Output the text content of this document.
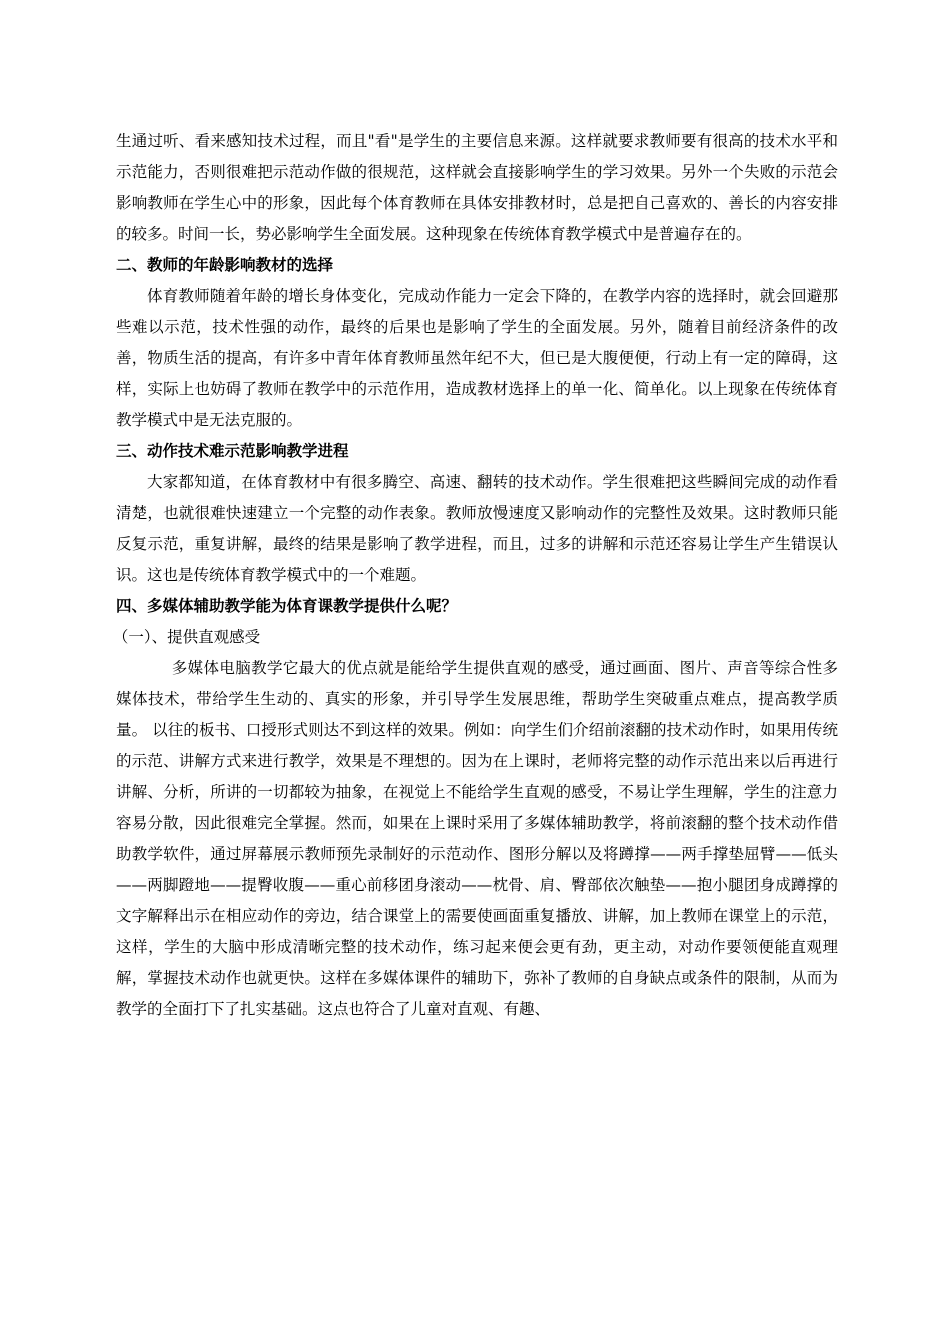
生通过听、看来感知技术过程，而且"看"是学生的主要信息来源。这样就要求教师要有很高的技术水平和示范能力，否则很难把示范动作做的很规范，这样就会直接影响学生的学习效果。另外一个失败的示范会影响教师在学生心中的形象，因此每个体育教师在具体安排教材时，总是把自己喜欢的、善长的内容安排的较多。时间一长，势必影响学生全面发展。这种现象在传统体育教学模式中是普遍存在的。

二、教师的年龄影响教材的选择

体育教师随着年龄的增长身体变化，完成动作能力一定会下降的，在教学内容的选择时，就会回避那些难以示范，技术性强的动作，最终的后果也是影响了学生的全面发展。另外，随着目前经济条件的改善，物质生活的提高，有许多中青年体育教师虽然年纪不大，但已是大腹便便，行动上有一定的障碍，这样，实际上也妨碍了教师在教学中的示范作用，造成教材选择上的单一化、简单化。以上现象在传统体育教学模式中是无法克服的。

三、动作技术难示范影响教学进程

大家都知道，在体育教材中有很多腾空、高速、翻转的技术动作。学生很难把这些瞬间完成的动作看清楚，也就很难快速建立一个完整的动作表象。教师放慢速度又影响动作的完整性及效果。这时教师只能反复示范，重复讲解，最终的结果是影响了教学进程，而且，过多的讲解和示范还容易让学生产生错误认识。这也是传统体育教学模式中的一个难题。

四、多媒体辅助教学能为体育课教学提供什么呢？
（一）、提供直观感受

多媒体电脑教学它最大的优点就是能给学生提供直观的感受，通过画面、图片、声音等综合性多媒体技术，带给学生生动的、真实的形象，并引导学生发展思维，帮助学生突破重点难点，提高教学质量。 以往的板书、口授形式则达不到这样的效果。例如：向学生们介绍前滚翻的技术动作时，如果用传统的示范、讲解方式来进行教学，效果是不理想的。因为在上课时，老师将完整的动作示范出来以后再进行讲解、分析，所讲的一切都较为抽象，在视觉上不能给学生直观的感受，不易让学生理解，学生的注意力容易分散，因此很难完全掌握。然而，如果在上课时采用了多媒体辅助教学，将前滚翻的整个技术动作借助教学软件，通过屏幕展示教师预先录制好的示范动作、图形分解以及将蹲撑——两手撑垫屈臂——低头——两脚蹬地——提臀收腹——重心前移团身滚动——枕骨、肩、臀部依次触垫——抱小腿团身成蹲撑的文字解释出示在相应动作的旁边，结合课堂上的需要使画面重复播放、讲解，加上教师在课堂上的示范，这样，学生的大脑中形成清晰完整的技术动作，练习起来便会更有劲，更主动，对动作要领便能直观理解，掌握技术动作也就更快。这样在多媒体课件的辅助下，弥补了教师的自身缺点或条件的限制，从而为教学的全面打下了扎实基础。这点也符合了儿童对直观、有趣、
